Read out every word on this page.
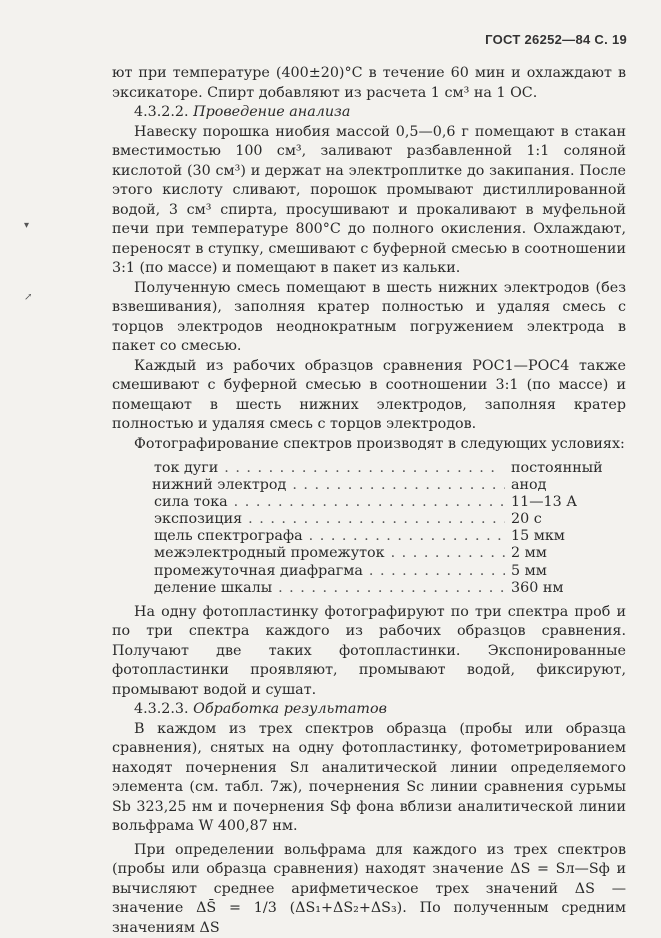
ГОСТ 26252—84 С. 19
▾
↗

ют при температуре (400±20)°С в течение 60 мин и охлаждают в эксикаторе. Спирт добавляют из расчета 1 см³ на 1 ОС.

4.3.2.2. Проведение анализа

Навеску порошка ниобия массой 0,5—0,6 г помещают в стакан вместимостью 100 см³, заливают разбавленной 1:1 соляной кислотой (30 см³) и держат на электроплитке до закипания. После этого кислоту сливают, порошок промывают дистиллированной водой, 3 см³ спирта, просушивают и прокаливают в муфельной печи при температуре 800°С до полного окисления. Охлаждают, переносят в ступку, смешивают с буферной смесью в соотношении 3:1 (по массе) и помещают в пакет из кальки.

Полученную смесь помещают в шесть нижних электродов (без взвешивания), заполняя кратер полностью и удаляя смесь с торцов электродов неоднократным погружением электрода в пакет со смесью.

Каждый из рабочих образцов сравнения РОС1—РОС4 также смешивают с буферной смесью в соотношении 3:1 (по массе) и помещают в шесть нижних электродов, заполняя кратер полностью и удаляя смесь с торцов электродов.

Фотографирование спектров производят в следующих условиях:

ток дуги . .	постоянный
нижний электрод . .	анод
сила тока . .	11—13 А
экспозиция . .	20 с
щель спектрографа . .	15 мкм
межэлектродный промежуток . .	2 мм
промежуточная диафрагма . .	5 мм
деление шкалы . .	360 нм

На одну фотопластинку фотографируют по три спектра проб и по три спектра каждого из рабочих образцов сравнения. Получают две таких фотопластинки. Экспонированные фотопластинки проявляют, промывают водой, фиксируют, промывают водой и сушат.

4.3.2.3. Обработка результатов

В каждом из трех спектров образца (пробы или образца сравнения), снятых на одну фотопластинку, фотометрированием находят почернения Sл аналитической линии определяемого элемента (см. табл. 7ж), почернения Sс линии сравнения сурьмы Sb 323,25 нм и почернения Sф фона вблизи аналитической линии вольфрама W 400,87 нм.

При определении вольфрама для каждого из трех спектров (пробы или образца сравнения) находят значение ΔS = Sл—Sф и вычисляют среднее арифметическое трех значений ΔS — значение ΔS̄ = 1/3 (ΔS₁+ΔS₂+ΔS₃). По полученным средним значениям ΔS
